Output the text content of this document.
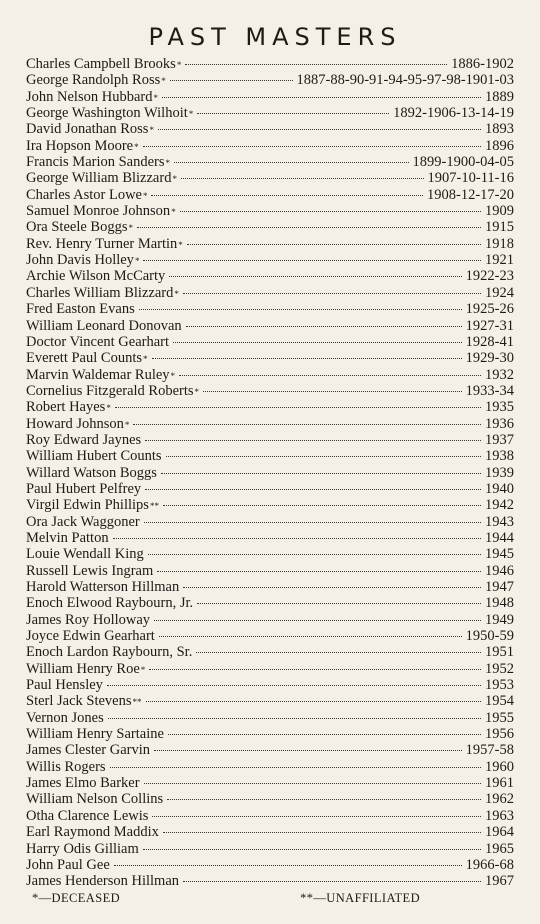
PAST MASTERS
Charles Campbell Brooks *	1886-1902
George Randolph Ross *	1887-88-90-91-94-95-97-98-1901-03
John Nelson Hubbard *	1889
George Washington Wilhoit *	1892-1906-13-14-19
David Jonathan Ross *	1893
Ira Hopson Moore *	1896
Francis Marion Sanders *	1899-1900-04-05
George William Blizzard *	1907-10-11-16
Charles Astor Lowe *	1908-12-17-20
Samuel Monroe Johnson *	1909
Ora Steele Boggs *	1915
Rev. Henry Turner Martin *	1918
John Davis Holley *	1921
Archie Wilson McCarty	1922-23
Charles William Blizzard *	1924
Fred Easton Evans	1925-26
William Leonard Donovan	1927-31
Doctor Vincent Gearhart	1928-41
Everett Paul Counts *	1929-30
Marvin Waldemar Ruley *	1932
Cornelius Fitzgerald Roberts *	1933-34
Robert Hayes *	1935
Howard Johnson *	1936
Roy Edward Jaynes	1937
William Hubert Counts	1938
Willard Watson Boggs	1939
Paul Hubert Pelfrey	1940
Virgil Edwin Phillips **	1942
Ora Jack Waggoner	1943
Melvin Patton	1944
Louie Wendall King	1945
Russell Lewis Ingram	1946
Harold Watterson Hillman	1947
Enoch Elwood Raybourn, Jr.	1948
James Roy Holloway	1949
Joyce Edwin Gearhart	1950-59
Enoch Lardon Raybourn, Sr.	1951
William Henry Roe *	1952
Paul Hensley	1953
Sterl Jack Stevens **	1954
Vernon Jones	1955
William Henry Sartaine	1956
James Clester Garvin	1957-58
Willis Rogers	1960
James Elmo Barker	1961
William Nelson Collins	1962
Otha Clarence Lewis	1963
Earl Raymond Maddix	1964
Harry Odis Gilliam	1965
John Paul Gee	1966-68
James Henderson Hillman	1967
*—DECEASED	**—UNAFFILIATED
